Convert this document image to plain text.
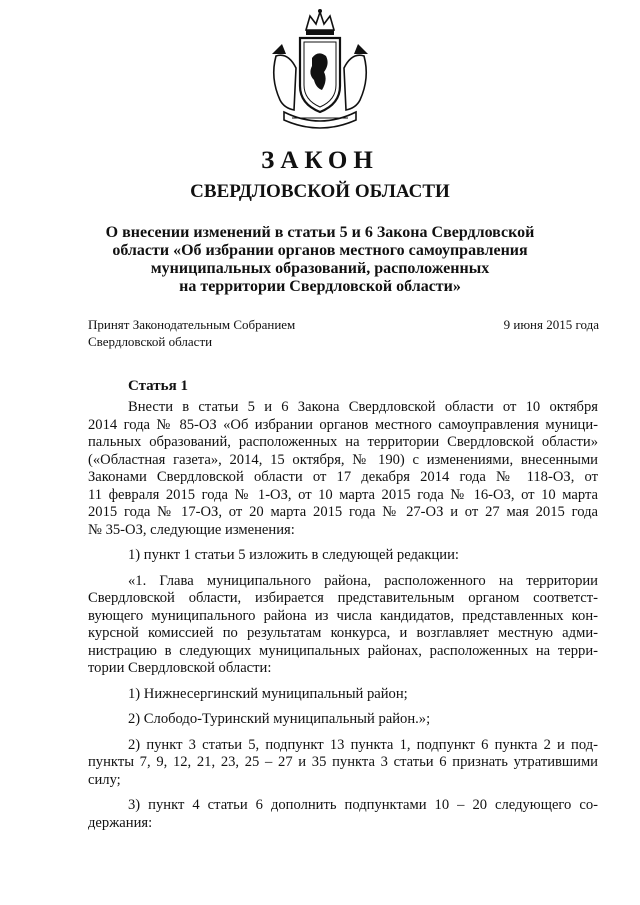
ЗАКОН
СВЕРДЛОВСКОЙ ОБЛАСТИ
О внесении изменений в статьи 5 и 6 Закона Свердловской
области «Об избрании органов местного самоуправления
муниципальных образований, расположенных
на территории Свердловской области»
Принят Законодательным Собранием
Свердловской области
9 июня 2015 года
Статья 1

Внести в статьи 5 и 6 Закона Свердловской области от 10 октября

2014 года № 85-ОЗ «Об избрании органов местного самоуправления муници-

пальных образований, расположенных на территории Свердловской области»

(«Областная газета», 2014, 15 октября, № 190) с изменениями, внесенными

Законами Свердловской области от 17 декабря 2014 года № 118-ОЗ, от

11 февраля 2015 года № 1-ОЗ, от 10 марта 2015 года № 16-ОЗ, от 10 марта

2015 года № 17-ОЗ, от 20 марта 2015 года № 27-ОЗ и от 27 мая 2015 года

№ 35-ОЗ, следующие изменения:

1) пункт 1 статьи 5 изложить в следующей редакции:

«1. Глава муниципального района, расположенного на территории

Свердловской области, избирается представительным органом соответст-

вующего муниципального района из числа кандидатов, представленных кон-

курсной комиссией по результатам конкурса, и возглавляет местную адми-

нистрацию в следующих муниципальных районах, расположенных на терри-

тории Свердловской области:

1) Нижнесергинский муниципальный район;

2) Слободо-Туринский муниципальный район.»;

2) пункт 3 статьи 5, подпункт 13 пункта 1, подпункт 6 пункта 2 и под-

пункты 7, 9, 12, 21, 23, 25 – 27 и 35 пункта 3 статьи 6 признать утратившими

силу;

3) пункт 4 статьи 6 дополнить подпунктами 10 – 20 следующего со-

держания:
